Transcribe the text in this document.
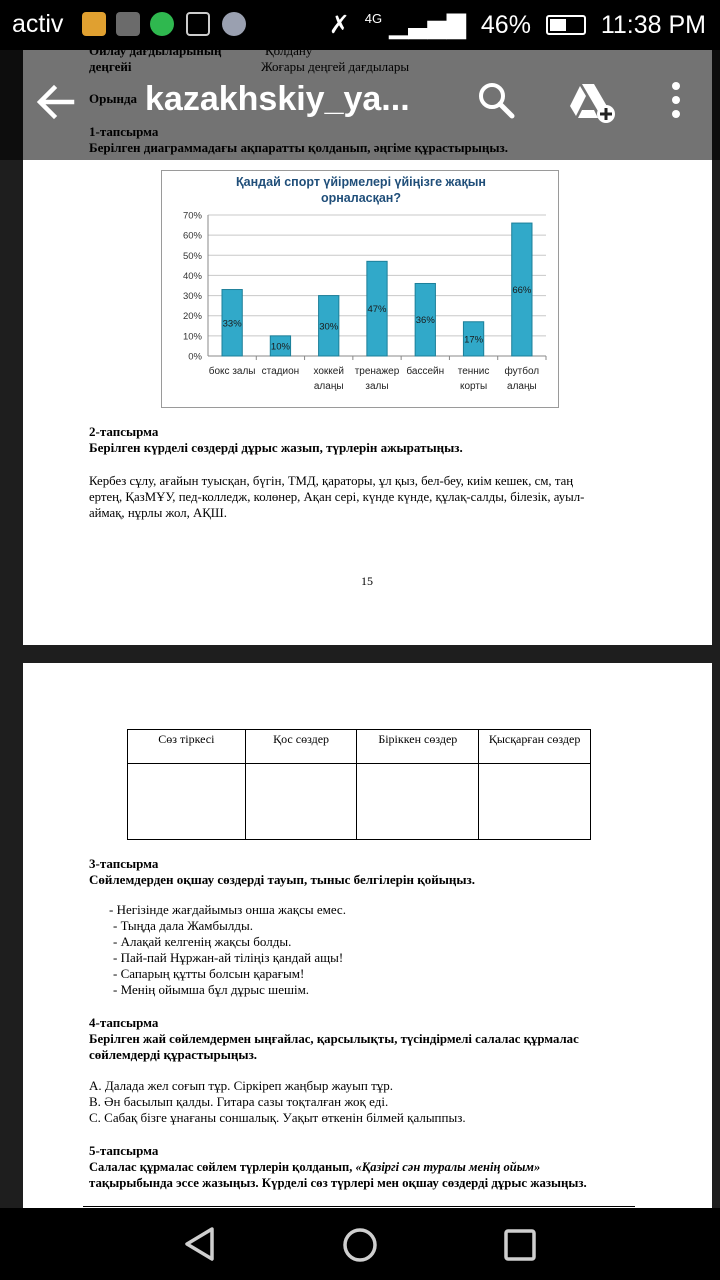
activ	✗ $^{4G}$ ▁▃▅▇ 46%	11:38 PM
Қандай спорт үйірмелері үйіңізге жақын
орналасқан?
0%
10%
20%
30%
40%
50%
60%
70%
33%
бокс залы
10%
стадион
30%
хоккей
алаңы
47%
тренажер
залы
36%
бассейн
17%
теннис
корты
66%
футбол
алаңы
2-тапсырма
Берілген күрделі сөздерді дұрыс жазып, түрлерін ажыратыңыз.
Кербез сұлу, ағайын туысқан, бүгін, ТМД, қараторы, ұл қыз, бел-беу, киім кешек, см, таң
ертең, ҚазМҰУ, пед-колледж, колөнер, Ақан сері, күнде күнде, құлақ-салды, білезік, ауыл-
аймақ, нұрлы жол, АҚШ.
15
Сөз тіркесі	Қос сөздер	Біріккен сөздер	Қысқарған сөздер

3-тапсырма
Сөйлемдерден оқшау сөздерді тауып, тыныс белгілерін қойыңыз.
- Негізінде жағдайымыз онша жақсы емес.
- Тыңда дала Жамбылды.
- Алақай келгенің жақсы болды.
- Пай-пай Нұржан-ай тіліңіз қандай ащы!
- Сапарың құтты болсын қарағым!
- Менің ойымша бұл дұрыс шешім.
4-тапсырма
Берілген жай сөйлемдермен ыңғайлас, қарсылықты, түсіндірмелі салалас құрмалас
сөйлемдерді құрастырыңыз.
А. Далада жел соғып тұр. Сіркіреп жаңбыр жауып тұр.
В. Ән басылып қалды. Гитара сазы тоқталған жоқ еді.
С. Сабақ бізге ұнағаны соншалық. Уақыт өткенін білмей қалыппыз.
5-тапсырма
Салалас құрмалас сөйлем түрлерін қолданып, «Қазіргі сән туралы менің ойым»
тақырыбында эссе жазыңыз. Күрделі сөз түрлері мен оқшау сөздерді дұрыс жазыңыз.
kazakhskiy_ya...
